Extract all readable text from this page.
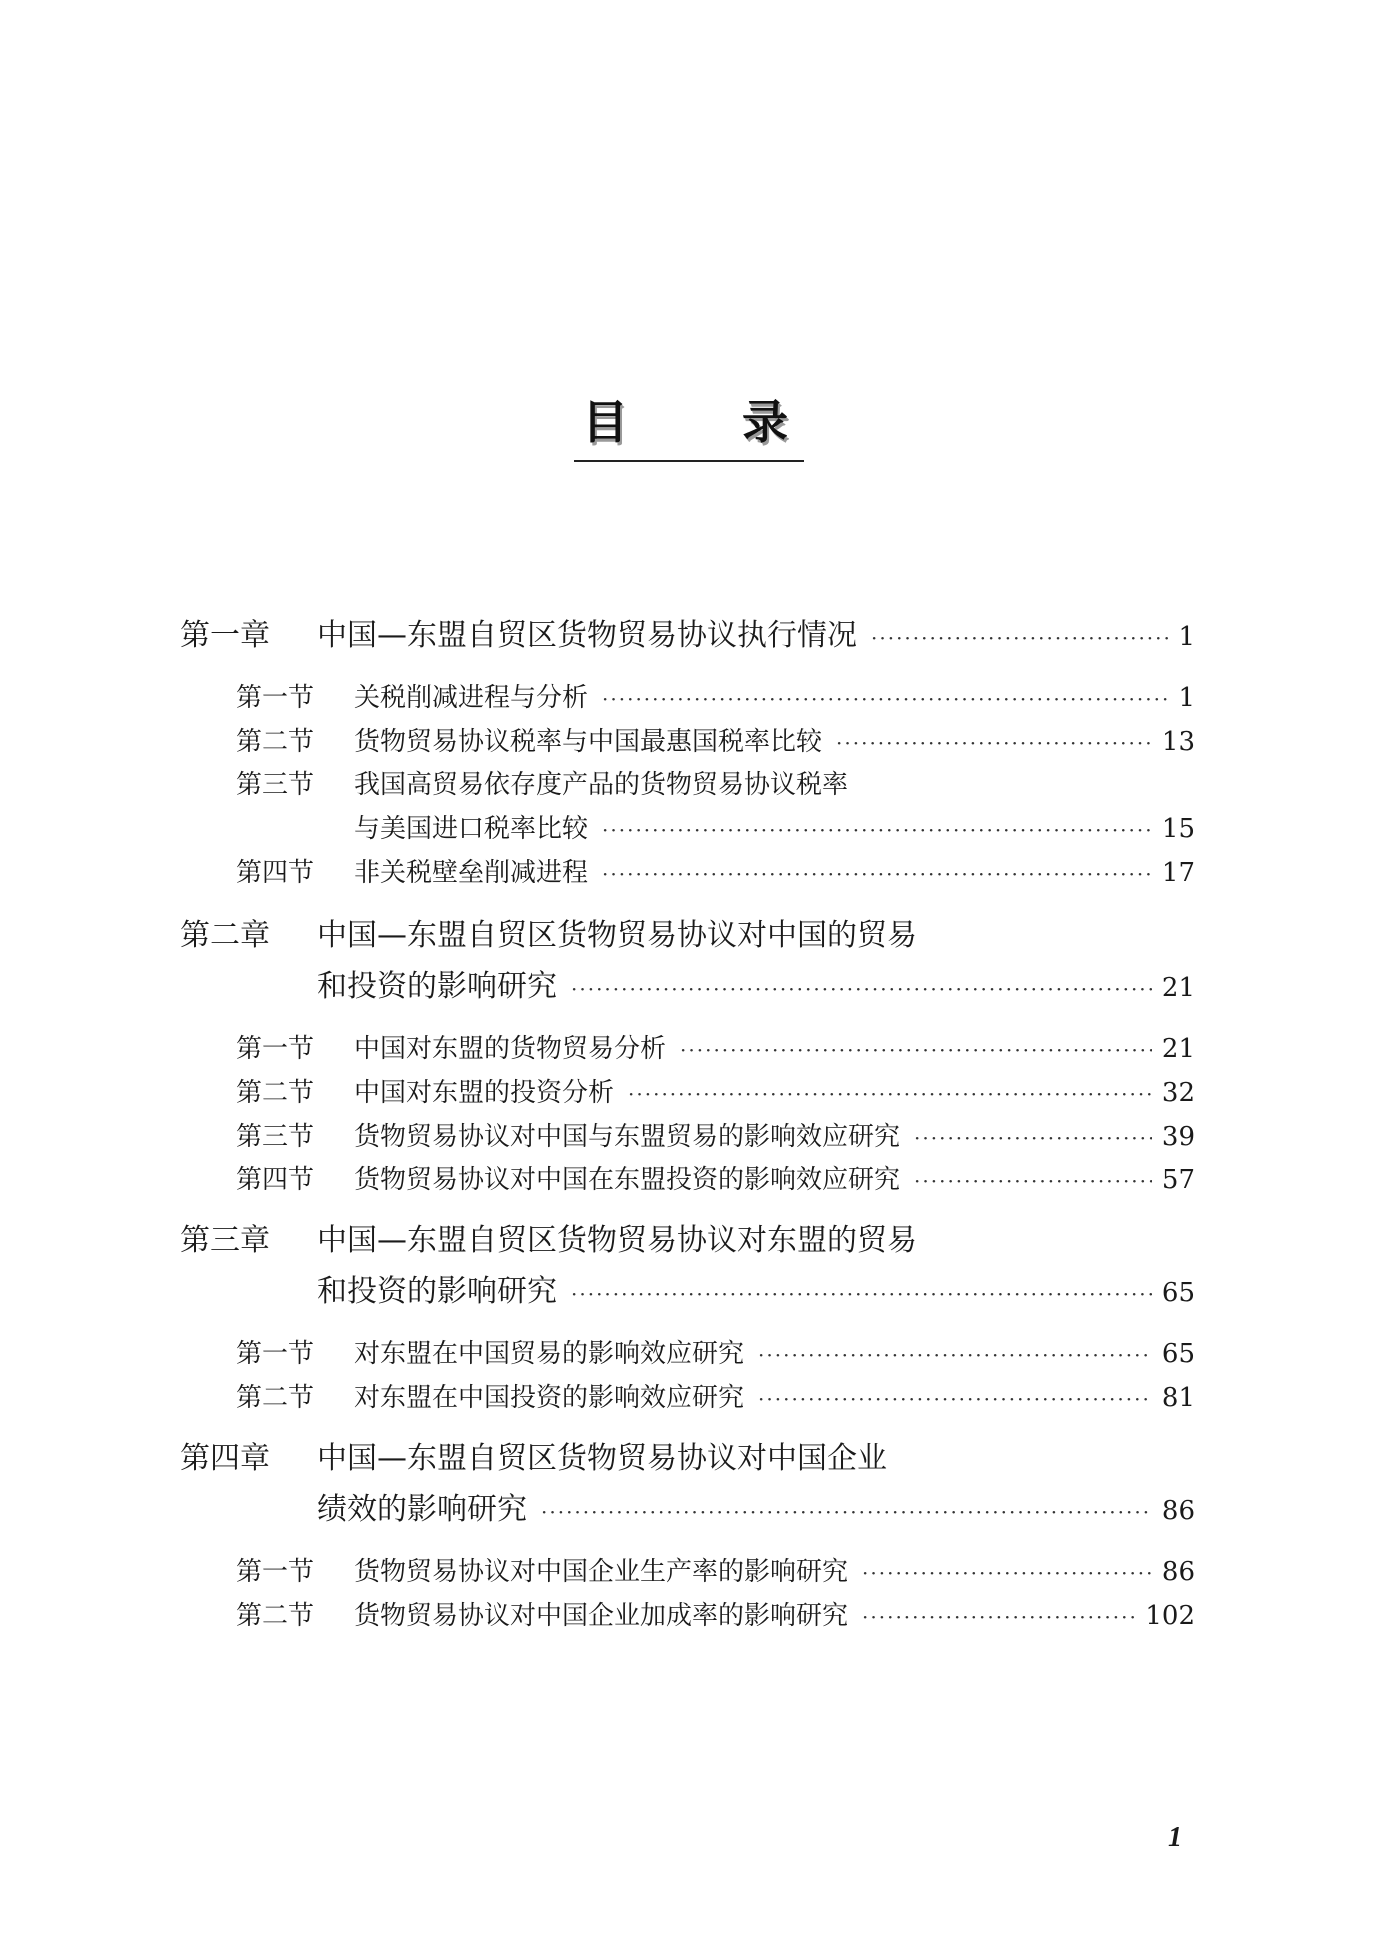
目 录
第一章	中国—东盟自贸区货物贸易协议执行情况 ·····	1
第一节	关税削减进程与分析 ·····	1
第二节	货物贸易协议税率与中国最惠国税率比较 ·····	13
第三节	我国高贸易依存度产品的货物贸易协议税率
与美国进口税率比较 ·····	15
第四节	非关税壁垒削减进程 ·····	17
第二章	中国—东盟自贸区货物贸易协议对中国的贸易
和投资的影响研究 ·····	21
第一节	中国对东盟的货物贸易分析 ·····	21
第二节	中国对东盟的投资分析 ·····	32
第三节	货物贸易协议对中国与东盟贸易的影响效应研究 ·····	39
第四节	货物贸易协议对中国在东盟投资的影响效应研究 ·····	57
第三章	中国—东盟自贸区货物贸易协议对东盟的贸易
和投资的影响研究 ·····	65
第一节	对东盟在中国贸易的影响效应研究 ·····	65
第二节	对东盟在中国投资的影响效应研究 ·····	81
第四章	中国—东盟自贸区货物贸易协议对中国企业
绩效的影响研究 ·····	86
第一节	货物贸易协议对中国企业生产率的影响研究 ·····	86
第二节	货物贸易协议对中国企业加成率的影响研究 ·····	102
1
